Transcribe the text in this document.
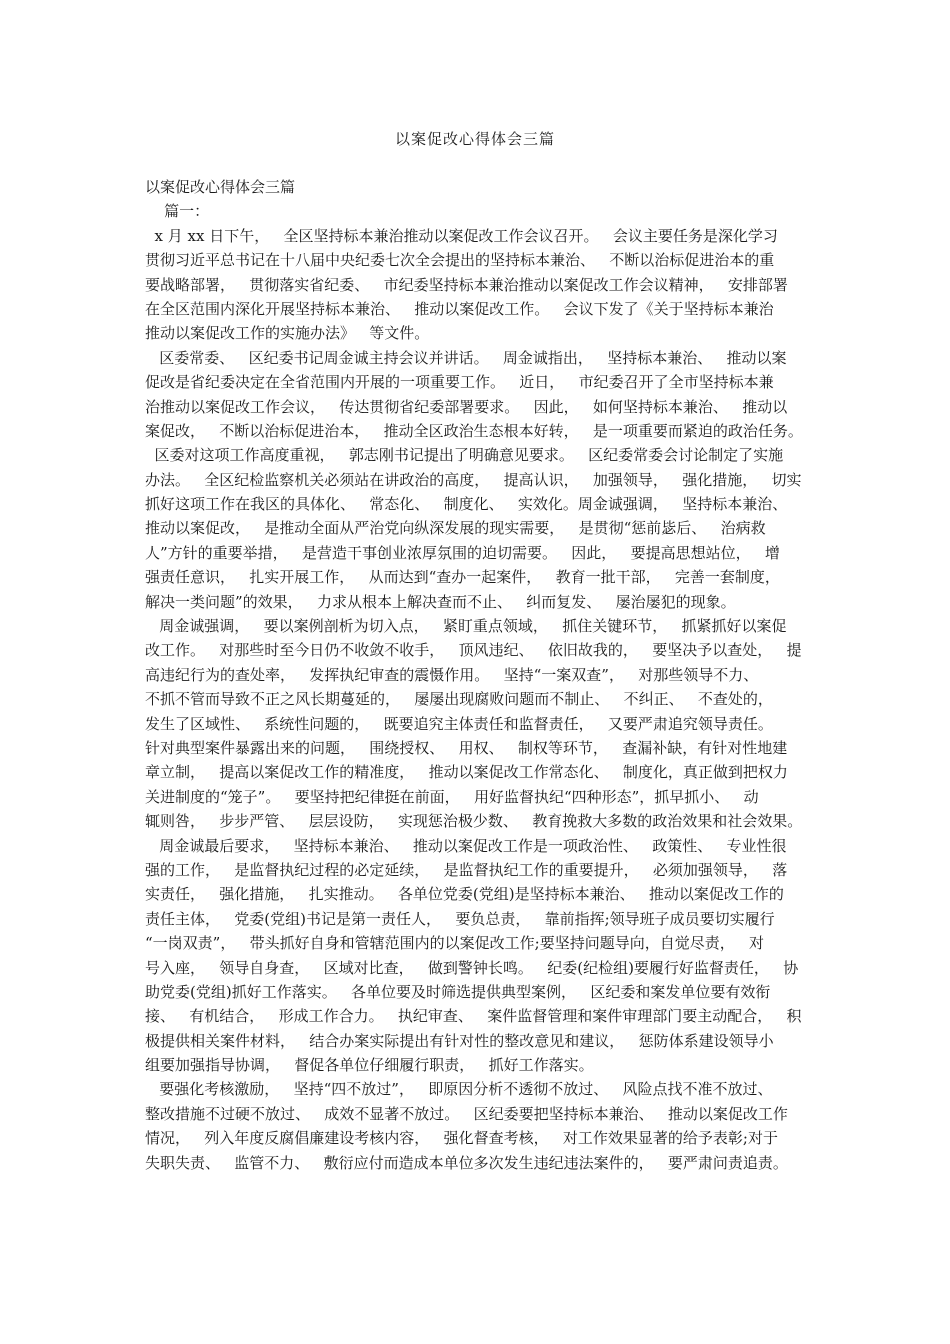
以案促改心得体会三篇
以案促改心得体会三篇
篇一：
x 月 xx 日下午，   全区坚持标本兼治推动以案促改工作会议召开。   会议主要任务是深化学习
贯彻习近平总书记在十八届中央纪委七次全会提出的坚持标本兼治、   不断以治标促进治本的重
要战略部署，   贯彻落实省纪委、   市纪委坚持标本兼治推动以案促改工作会议精神，   安排部署
在全区范围内深化开展坚持标本兼治、   推动以案促改工作。   会议下发了《关于坚持标本兼治
推动以案促改工作的实施办法》   等文件。
区委常委、   区纪委书记周金诚主持会议并讲话。   周金诚指出，   坚持标本兼治、   推动以案
促改是省纪委决定在全省范围内开展的一项重要工作。   近日，   市纪委召开了全市坚持标本兼
治推动以案促改工作会议，   传达贯彻省纪委部署要求。   因此，   如何坚持标本兼治、   推动以
案促改，   不断以治标促进治本，   推动全区政治生态根本好转，   是一项重要而紧迫的政治任务。
区委对这项工作高度重视，   郭志刚书记提出了明确意见要求。   区纪委常委会讨论制定了实施
办法。   全区纪检监察机关必须站在讲政治的高度，   提高认识，   加强领导，   强化措施，   切实
抓好这项工作在我区的具体化、   常态化、   制度化、   实效化。周金诚强调，   坚持标本兼治、
推动以案促改，   是推动全面从严治党向纵深发展的现实需要，   是贯彻“惩前毖后、   治病救
人”方针的重要举措，   是营造干事创业浓厚氛围的迫切需要。   因此，   要提高思想站位，   增
强责任意识，   扎实开展工作，   从而达到“查办一起案件，   教育一批干部，   完善一套制度，
解决一类问题”的效果，   力求从根本上解决查而不止、   纠而复发、   屡治屡犯的现象。
周金诚强调，   要以案例剖析为切入点，   紧盯重点领域，   抓住关键环节，   抓紧抓好以案促
改工作。   对那些时至今日仍不收敛不收手，   顶风违纪、   依旧故我的，   要坚决予以查处，   提
高违纪行为的查处率，   发挥执纪审查的震慑作用。   坚持“一案双查”，   对那些领导不力、
不抓不管而导致不正之风长期蔓延的，   屡屡出现腐败问题而不制止、   不纠正、   不查处的，
发生了区域性、   系统性问题的，   既要追究主体责任和监督责任，   又要严肃追究领导责任。
针对典型案件暴露出来的问题，   围绕授权、   用权、   制权等环节，   查漏补缺，有针对性地建
章立制，   提高以案促改工作的精准度，   推动以案促改工作常态化、   制度化，真正做到把权力
关进制度的“笼子”。   要坚持把纪律挺在前面，   用好监督执纪“四种形态”，抓早抓小、   动
辄则咎，   步步严管、   层层设防，   实现惩治极少数、   教育挽救大多数的政治效果和社会效果。
周金诚最后要求，   坚持标本兼治、   推动以案促改工作是一项政治性、   政策性、   专业性很
强的工作，   是监督执纪过程的必定延续，   是监督执纪工作的重要提升，   必须加强领导，   落
实责任，   强化措施，   扎实推动。   各单位党委(党组)是坚持标本兼治、   推动以案促改工作的
责任主体，   党委(党组)书记是第一责任人，   要负总责，   靠前指挥;领导班子成员要切实履行
“一岗双责”，   带头抓好自身和管辖范围内的以案促改工作;要坚持问题导向，自觉尽责，   对
号入座，   领导自身查，   区域对比查，   做到警钟长鸣。   纪委(纪检组)要履行好监督责任，   协
助党委(党组)抓好工作落实。   各单位要及时筛选提供典型案例，   区纪委和案发单位要有效衔
接、   有机结合，   形成工作合力。   执纪审查、   案件监督管理和案件审理部门要主动配合，   积
极提供相关案件材料，   结合办案实际提出有针对性的整改意见和建议，   惩防体系建设领导小
组要加强指导协调，   督促各单位仔细履行职责，   抓好工作落实。
要强化考核激励，   坚持“四不放过”，   即原因分析不透彻不放过、   风险点找不准不放过、
整改措施不过硬不放过、   成效不显著不放过。   区纪委要把坚持标本兼治、   推动以案促改工作
情况，   列入年度反腐倡廉建设考核内容，   强化督查考核，   对工作效果显著的给予表彰;对于
失职失责、   监管不力、   敷衍应付而造成本单位多次发生违纪违法案件的，   要严肃问责追责。
